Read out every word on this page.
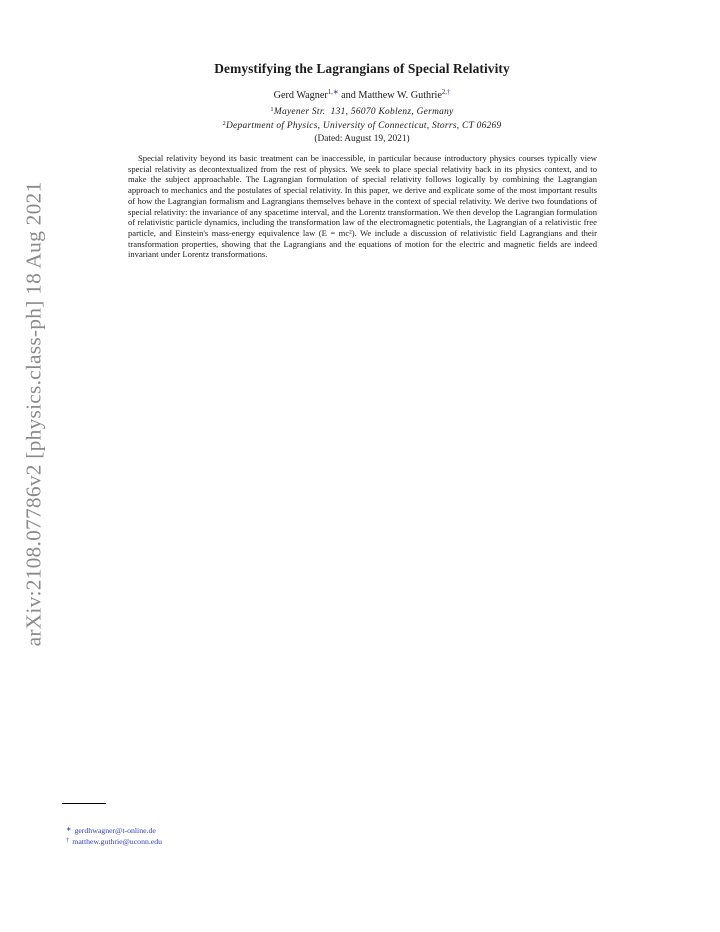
arXiv:2108.07786v2 [physics.class-ph] 18 Aug 2021
Demystifying the Lagrangians of Special Relativity
Gerd Wagner$^{1,∗}$ and Matthew W. Guthrie$^{2,\dagger}$
$^1$Mayener Str.  131, 56070 Koblenz, Germany
$^2$Department of Physics, University of Connecticut, Storrs, CT 06269
(Dated: August 19, 2021)

Special relativity beyond its basic treatment can be inaccessible, in particular because introductory physics courses typically view special relativity as decontextualized from the rest of physics. We seek to place special relativity back in its physics context, and to make the subject approachable. The Lagrangian formulation of special relativity follows logically by combining the Lagrangian approach to mechanics and the postulates of special relativity. In this paper, we derive and explicate some of the most important results of how the Lagrangian formalism and Lagrangians themselves behave in the context of special relativity. We derive two foundations of special relativity: the invariance of any spacetime interval, and the Lorentz transformation. We then develop the Lagrangian formulation of relativistic particle dynamics, including the transformation law of the electromagnetic potentials, the Lagrangian of a relativistic free particle, and Einstein's mass-energy equivalence law (E = mc²). We include a discussion of relativistic field Lagrangians and their transformation properties, showing that the Lagrangians and the equations of motion for the electric and magnetic fields are indeed invariant under Lorentz transformations.

∗ gerdhwagner@t-online.de
† matthew.guthrie@uconn.edu
